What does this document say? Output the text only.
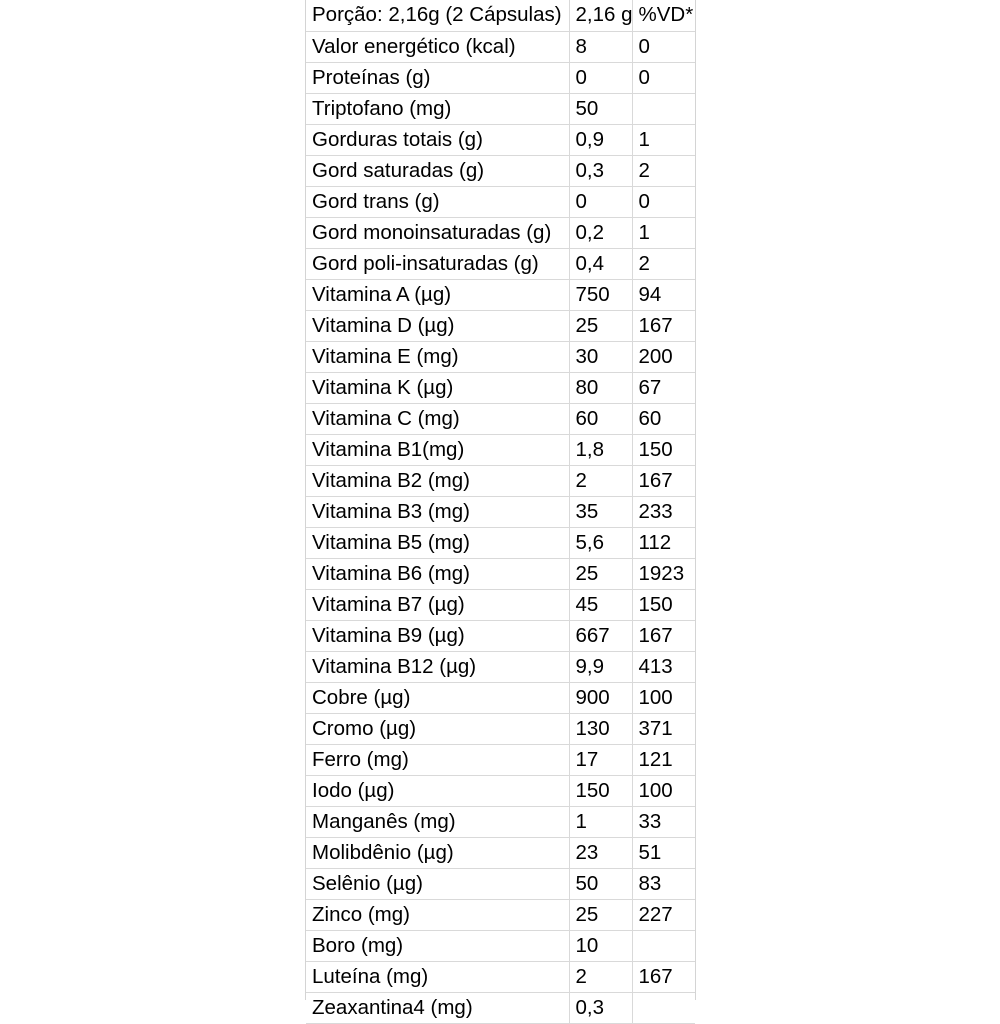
Porção: 2,16g (2 Cápsulas)	2,16 g	%VD*
Valor energético (kcal)	8	0
Proteínas (g)	0	0
Triptofano (mg)	50	
Gorduras totais (g)	0,9	1
Gord saturadas (g)	0,3	2
Gord trans (g)	0	0
Gord monoinsaturadas (g)	0,2	1
Gord poli-insaturadas (g)	0,4	2
Vitamina A (µg)	750	94
Vitamina D (µg)	25	167
Vitamina E (mg)	30	200
Vitamina K (µg)	80	67
Vitamina C (mg)	60	60
Vitamina B1(mg)	1,8	150
Vitamina B2 (mg)	2	167
Vitamina B3 (mg)	35	233
Vitamina B5 (mg)	5,6	112
Vitamina B6 (mg)	25	1923
Vitamina B7 (µg)	45	150
Vitamina B9 (µg)	667	167
Vitamina B12 (µg)	9,9	413
Cobre (µg)	900	100
Cromo (µg)	130	371
Ferro (mg)	17	121
Iodo (µg)	150	100
Manganês (mg)	1	33
Molibdênio (µg)	23	51
Selênio (µg)	50	83
Zinco (mg)	25	227
Boro (mg)	10	
Luteína (mg)	2	167
Zeaxantina4 (mg)	0,3	
